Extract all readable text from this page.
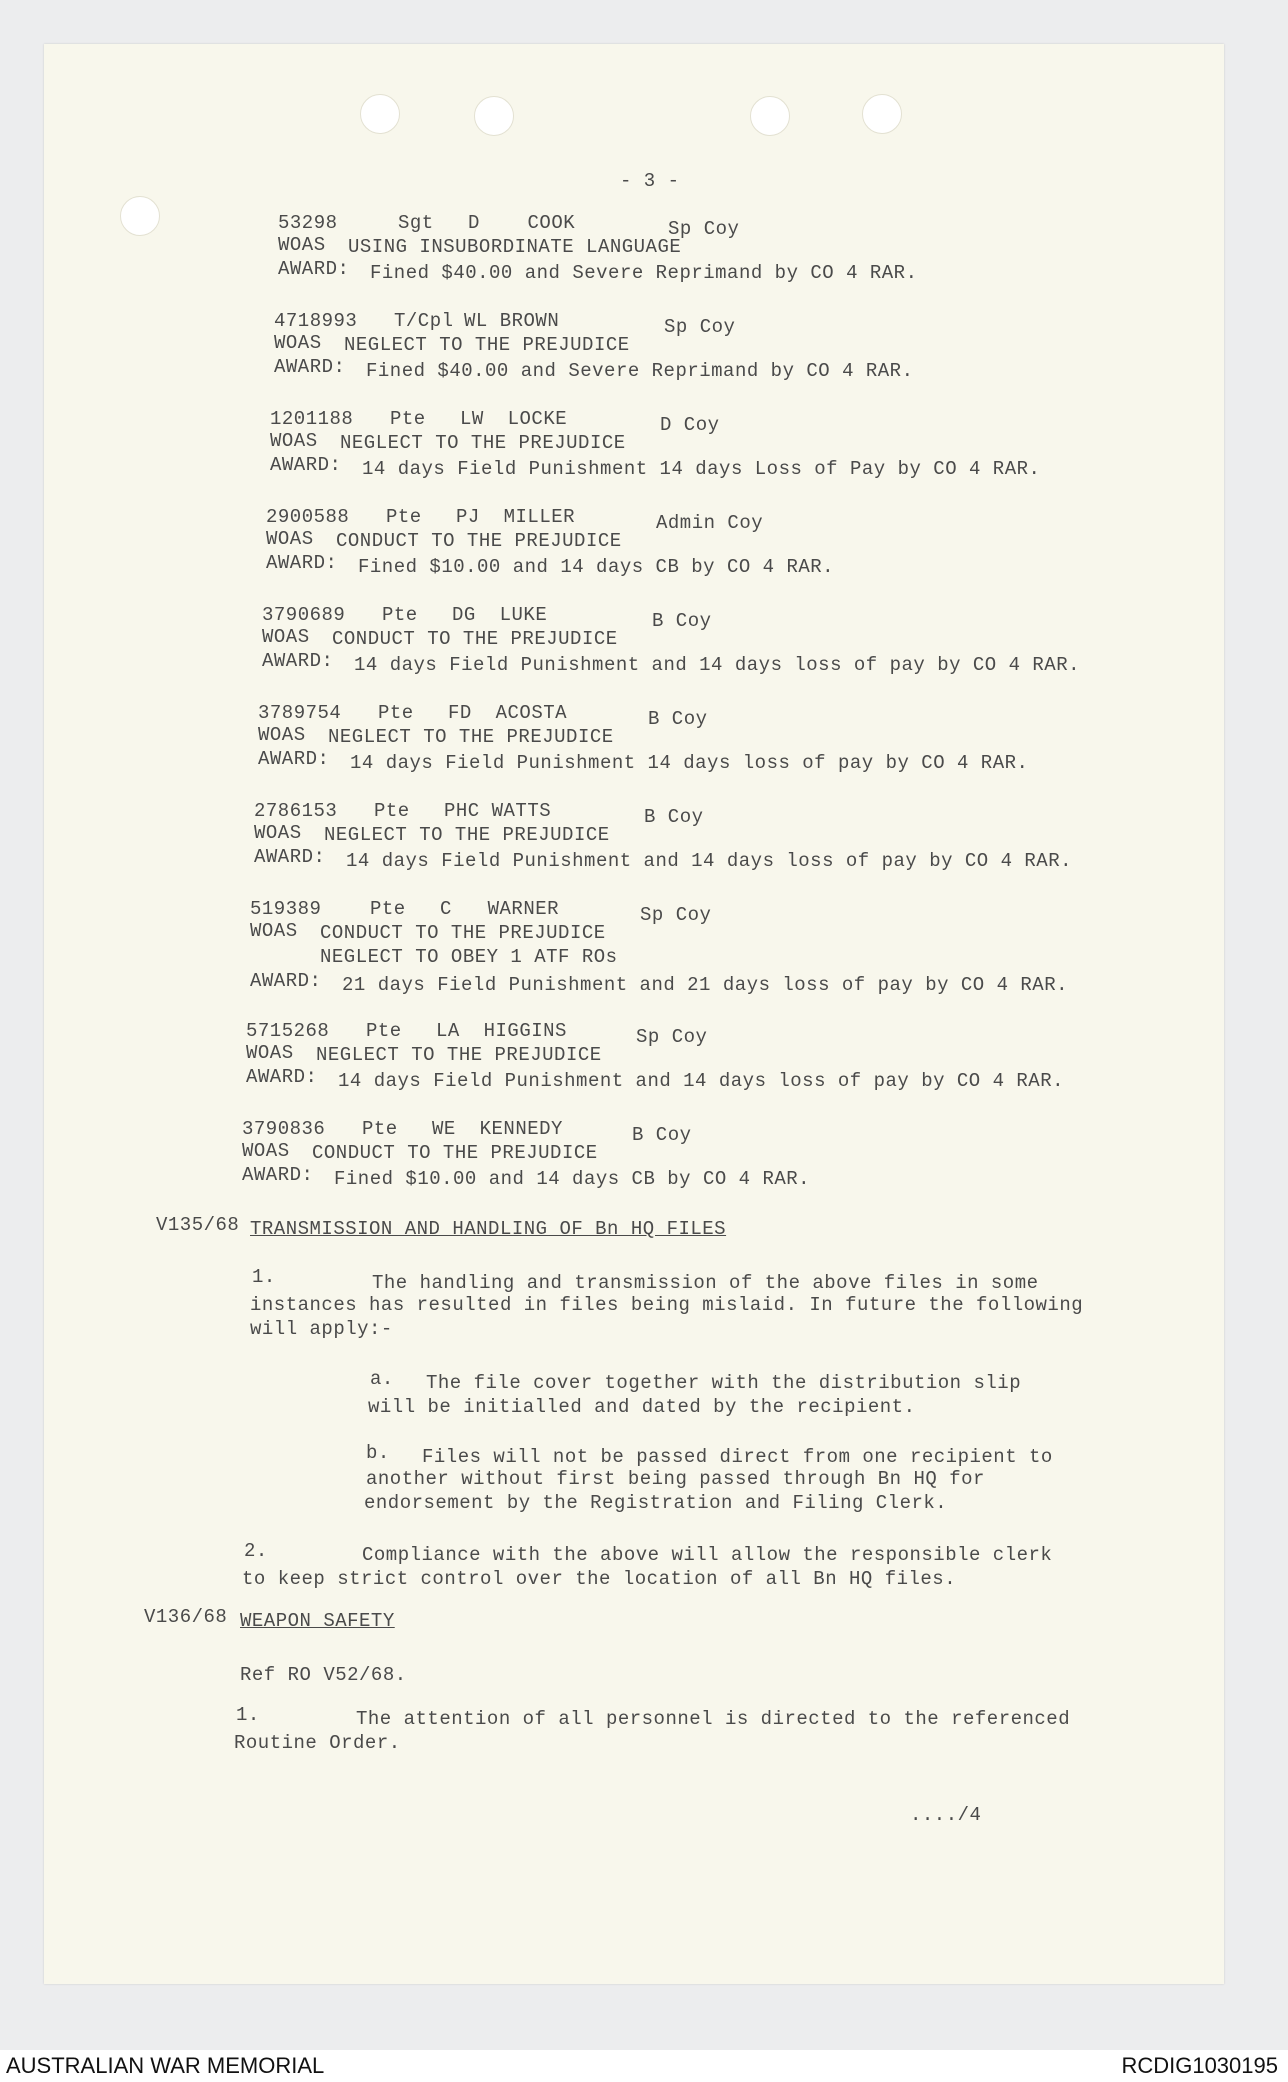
- 3 -
53298	Sgt D    COOK	Sp Coy
WOAS USING INSUBORDINATE LANGUAGE
AWARD: Fined $40.00 and Severe Reprimand by CO 4 RAR.
4718993 T/Cpl WL BROWN	Sp Coy
WOAS NEGLECT TO THE PREJUDICE
AWARD: Fined $40.00 and Severe Reprimand by CO 4 RAR.
1201188 Pte LW  LOCKE	D Coy
WOAS NEGLECT TO THE PREJUDICE
AWARD: 14 days Field Punishment 14 days Loss of Pay by CO 4 RAR.
2900588 Pte PJ  MILLER	Admin Coy
WOAS CONDUCT TO THE PREJUDICE
AWARD: Fined $10.00 and 14 days CB by CO 4 RAR.
3790689 Pte DG  LUKE	B Coy
WOAS CONDUCT TO THE PREJUDICE
AWARD: 14 days Field Punishment and 14 days loss of pay by CO 4 RAR.
3789754 Pte FD  ACOSTA	B Coy
WOAS NEGLECT TO THE PREJUDICE
AWARD: 14 days Field Punishment 14 days loss of pay by CO 4 RAR.
2786153 Pte PHC WATTS	B Coy
WOAS NEGLECT TO THE PREJUDICE
AWARD: 14 days Field Punishment and 14 days loss of pay by CO 4 RAR.
519389	Pte C   WARNER	Sp Coy
WOAS CONDUCT TO THE PREJUDICE
NEGLECT TO OBEY 1 ATF ROs
AWARD: 21 days Field Punishment and 21 days loss of pay by CO 4 RAR.
5715268 Pte LA  HIGGINS	Sp Coy
WOAS NEGLECT TO THE PREJUDICE
AWARD: 14 days Field Punishment and 14 days loss of pay by CO 4 RAR.
3790836 Pte WE  KENNEDY	B Coy
WOAS CONDUCT TO THE PREJUDICE
AWARD: Fined $10.00 and 14 days CB by CO 4 RAR.
V135/68 TRANSMISSION AND HANDLING OF Bn HQ FILES
1.	The handling and transmission of the above files in some
instances has resulted in files being mislaid. In future the following
will apply:-
a. The file cover together with the distribution slip
will be initialled and dated by the recipient.
b. Files will not be passed direct from one recipient to
another without first being passed through Bn HQ for
endorsement by the Registration and Filing Clerk.
2.	Compliance with the above will allow the responsible clerk
to keep strict control over the location of all Bn HQ files.
V136/68 WEAPON SAFETY
Ref RO V52/68.
1.	The attention of all personnel is directed to the referenced
Routine Order.
..../4
AUSTRALIAN WAR MEMORIAL	RCDIG1030195
